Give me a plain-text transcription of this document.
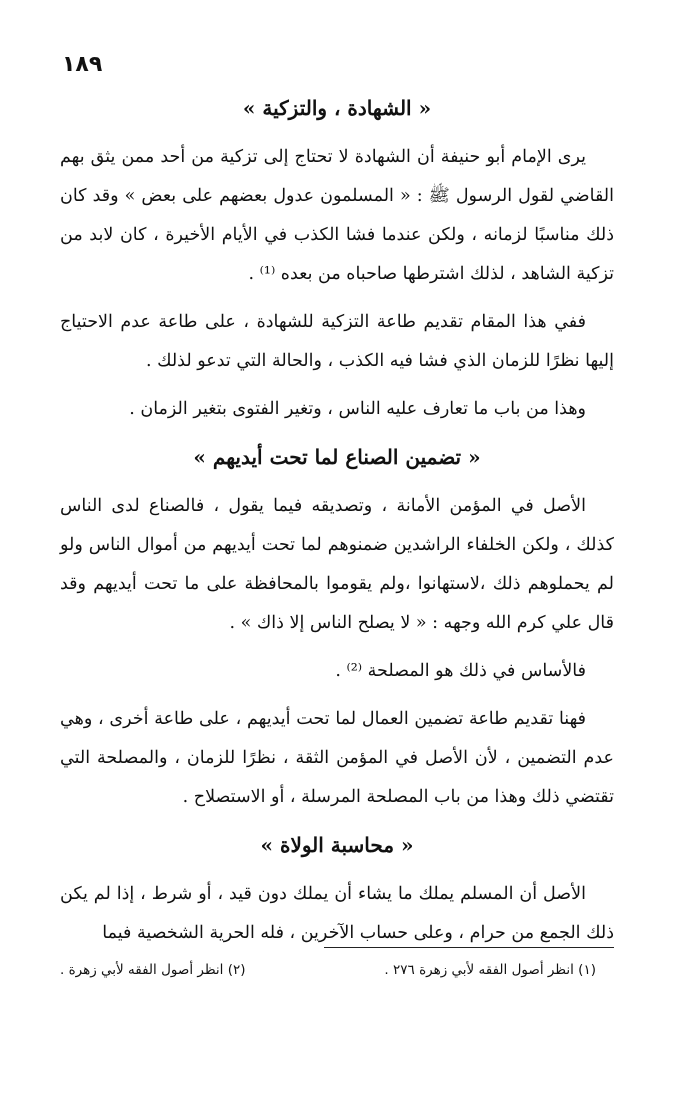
١٨٩
« الشهادة ، والتزكية »

يرى الإمام أبو حنيفة أن الشهادة لا تحتاج إلى تزكية من أحد ممن يثق بهم القاضي لقول الرسول ﷺ : « المسلمون عدول بعضهم على بعض » وقد كان ذلك مناسبًا لزمانه ، ولكن عندما فشا الكذب في الأيام الأخيرة ، كان لابد من تزكية الشاهد ، لذلك اشترطها صاحباه من بعده ⁽¹⁾ .

ففي هذا المقام تقديم طاعة التزكية للشهادة ، على طاعة عدم الاحتياج إليها نظرًا للزمان الذي فشا فيه الكذب ، والحالة التي تدعو لذلك .

وهذا من باب ما تعارف عليه الناس ، وتغير الفتوى بتغير الزمان .

« تضمين الصناع لما تحت أيديهم »

الأصل في المؤمن الأمانة ، وتصديقه فيما يقول ، فالصناع لدى الناس كذلك ، ولكن الخلفاء الراشدين ضمنوهم لما تحت أيديهم من أموال الناس ولو لم يحملوهم ذلك ،لاستهانوا ،ولم يقوموا بالمحافظة على ما تحت أيديهم وقد قال علي كرم الله وجهه : « لا يصلح الناس إلا ذاك » .

فالأساس في ذلك هو المصلحة ⁽²⁾ .

فهنا تقديم طاعة تضمين العمال لما تحت أيديهم ، على طاعة أخرى ، وهي عدم التضمين ، لأن الأصل في المؤمن الثقة ، نظرًا للزمان ، والمصلحة التي تقتضي ذلك وهذا من باب المصلحة المرسلة ، أو الاستصلاح .

« محاسبة الولاة »

الأصل أن المسلم يملك ما يشاء أن يملك دون قيد ، أو شرط ، إذا لم يكن ذلك الجمع من حرام ، وعلى حساب الآخرين ، فله الحرية الشخصية فيما

(١) انظر أصول الفقه لأبي زهرة ٢٧٦ .
(٢) انظر أصول الفقه لأبي زهرة .
